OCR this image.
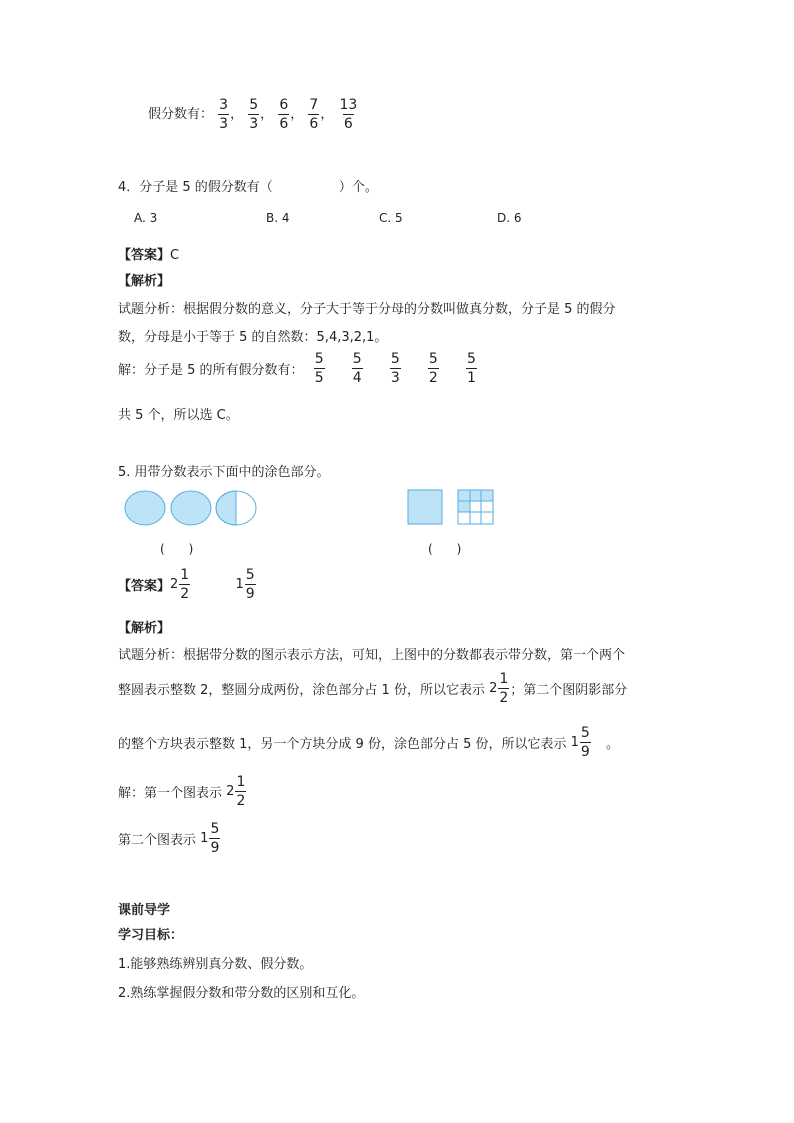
假分数有： $\frac{3}{3}$ ， $\frac{5}{3}$ ， $\frac{6}{6}$ ， $\frac{7}{6}$ ， $\frac{13}{6}$
4．分子是 5 的假分数有（	）个。
A. 3	B. 4	C. 5	D. 6
【答案】C
【解析】
试题分析：根据假分数的意义，分子大于等于分母的分数叫做真分数，分子是 5 的假分
数，分母是小于等于 5 的自然数：5,4,3,2,1。
解：分子是 5 的所有假分数有： $\frac{5}{5}$
$\frac{5}{4}$
$\frac{5}{3}$
$\frac{5}{2}$
$\frac{5}{1}$
共 5 个，所以选 C。
5. 用带分数表示下面中的涂色部分。
(　　)	(　　)
【答案】$2 \frac{1}{2}$	$1 \frac{5}{9}$
【解析】
试题分析：根据带分数的图示表示方法，可知，上图中的分数都表示带分数，第一个两个
整圆表示整数 2，整圆分成两份，涂色部分占 1 份，所以它表示 $2 \frac{1}{2}$ ；第二个图阴影部分
的整个方块表示整数 1，另一个方块分成 9 份，涂色部分占 5 份，所以它表示 $1 \frac{5}{9}$ 。
解：第一个图表示 $2 \frac{1}{2}$
第二个图表示 $1 \frac{5}{9}$
课前导学
学习目标：
1.能够熟练辨别真分数、假分数。
2.熟练掌握假分数和带分数的区别和互化。
